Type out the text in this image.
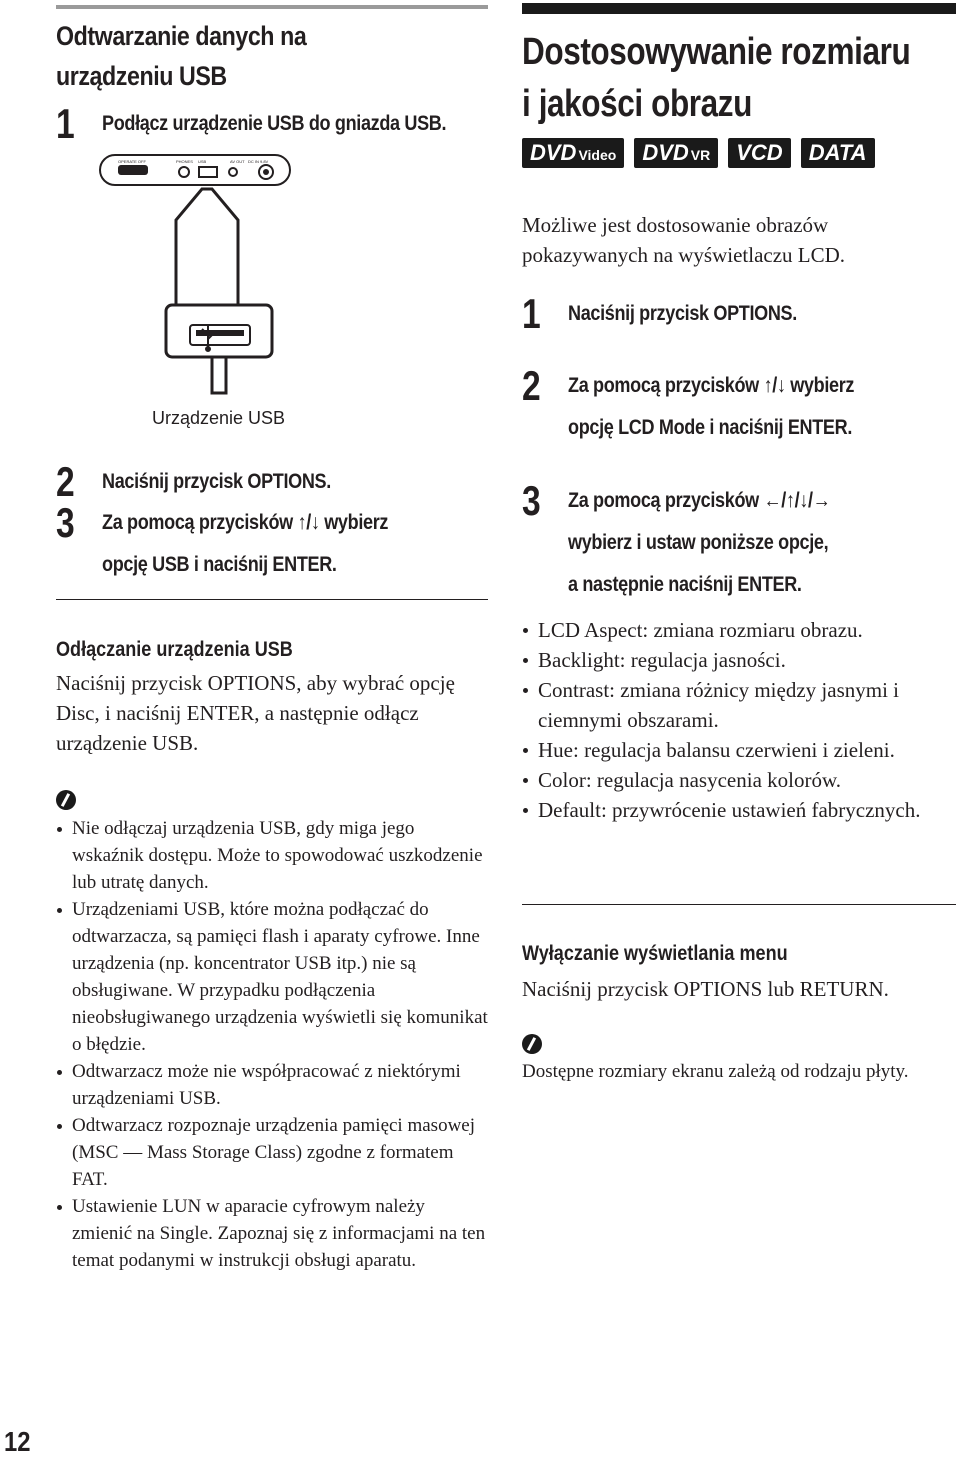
Odtwarzanie danych na urządzeniu USB
1 Podłącz urządzenie USB do gniazda USB.
OPERATE OFF	PHONES USB	AV OUT DC IN 9.8V
Urządzenie USB
2 Naciśnij przycisk OPTIONS.
3 Za pomocą przycisków ↑/↓ wybierz
opcję USB i naciśnij ENTER.
Odłączanie urządzenia USB
Naciśnij przycisk OPTIONS, aby wybrać opcję Disc, i naciśnij ENTER, a następnie odłącz urządzenie USB.
Nie odłączaj urządzenia USB, gdy miga jego wskaźnik dostępu. Może to spowodować uszkodzenie lub utratę danych.
Urządzeniami USB, które można podłączać do odtwarzacza, są pamięci flash i aparaty cyfrowe. Inne urządzenia (np. koncentrator USB itp.) nie są obsługiwane. W przypadku podłączenia nieobsługiwanego urządzenia wyświetli się komunikat o błędzie.
Odtwarzacz może nie współpracować z niektórymi urządzeniami USB.
Odtwarzacz rozpoznaje urządzenia pamięci masowej (MSC — Mass Storage Class) zgodne z formatem FAT.
Ustawienie LUN w aparacie cyfrowym należy zmienić na Single. Zapoznaj się z informacjami na ten temat podanymi w instrukcji obsługi aparatu.
Dostosowywanie rozmiaru
i jakości obrazu
DVD Video DVD VR VCD DATA
Możliwe jest dostosowanie obrazów pokazywanych na wyświetlaczu LCD.
1 Naciśnij przycisk OPTIONS.
2 Za pomocą przycisków ↑/↓ wybierz
opcję LCD Mode i naciśnij ENTER.
3 Za pomocą przycisków ←/↑/↓/→
wybierz i ustaw poniższe opcje,
a następnie naciśnij ENTER.
LCD Aspect: zmiana rozmiaru obrazu.
Backlight: regulacja jasności.
Contrast: zmiana różnicy między jasnymi i ciemnymi obszarami.
Hue: regulacja balansu czerwieni i zieleni.
Color: regulacja nasycenia kolorów.
Default: przywrócenie ustawień fabrycznych.
Wyłączanie wyświetlania menu
Naciśnij przycisk OPTIONS lub RETURN.
Dostępne rozmiary ekranu zależą od rodzaju płyty.
12
